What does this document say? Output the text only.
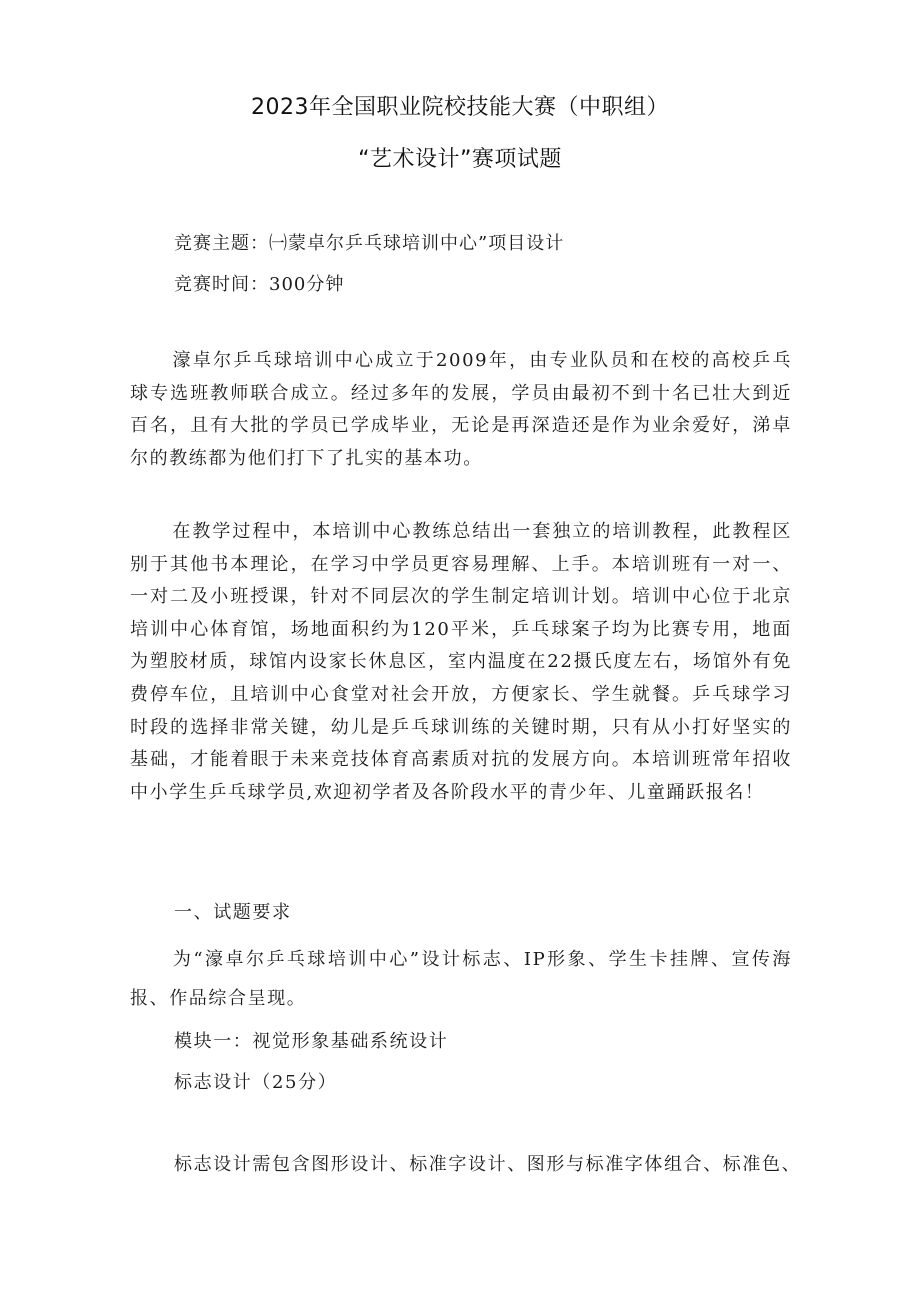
2023年全国职业院校技能大赛（中职组）
“艺术设计”赛项试题
竞赛主题：㈠蒙卓尔乒乓球培训中心”项目设计
竞赛时间：300分钟
濠卓尔乒乓球培训中心成立于2009年，由专业队员和在校的高校乒乓球专选班教师联合成立。经过多年的发展，学员由最初不到十名已壮大到近百名，且有大批的学员已学成毕业，无论是再深造还是作为业余爱好，涕卓尔的教练都为他们打下了扎实的基本功。
在教学过程中，本培训中心教练总结出一套独立的培训教程，此教程区别于其他书本理论，在学习中学员更容易理解、上手。本培训班有一对一、一对二及小班授课，针对不同层次的学生制定培训计划。培训中心位于北京培训中心体育馆，场地面积约为120平米，乒乓球案子均为比赛专用，地面为塑胶材质，球馆内设家长休息区，室内温度在22摄氏度左右，场馆外有免费停车位，且培训中心食堂对社会开放，方便家长、学生就餐。乒乓球学习时段的选择非常关键，幼儿是乒乓球训练的关键时期，只有从小打好坚实的基础，才能着眼于未来竞技体育高素质对抗的发展方向。本培训班常年招收中小学生乒乓球学员,欢迎初学者及各阶段水平的青少年、儿童踊跃报名！
一、试题要求
为“濠卓尔乒乓球培训中心”设计标志、IP形象、学生卡挂牌、宣传海报、作品综合呈现。
模块一：视觉形象基础系统设计
标志设计（25分）
标志设计需包含图形设计、标准字设计、图形与标准字体组合、标准色、
